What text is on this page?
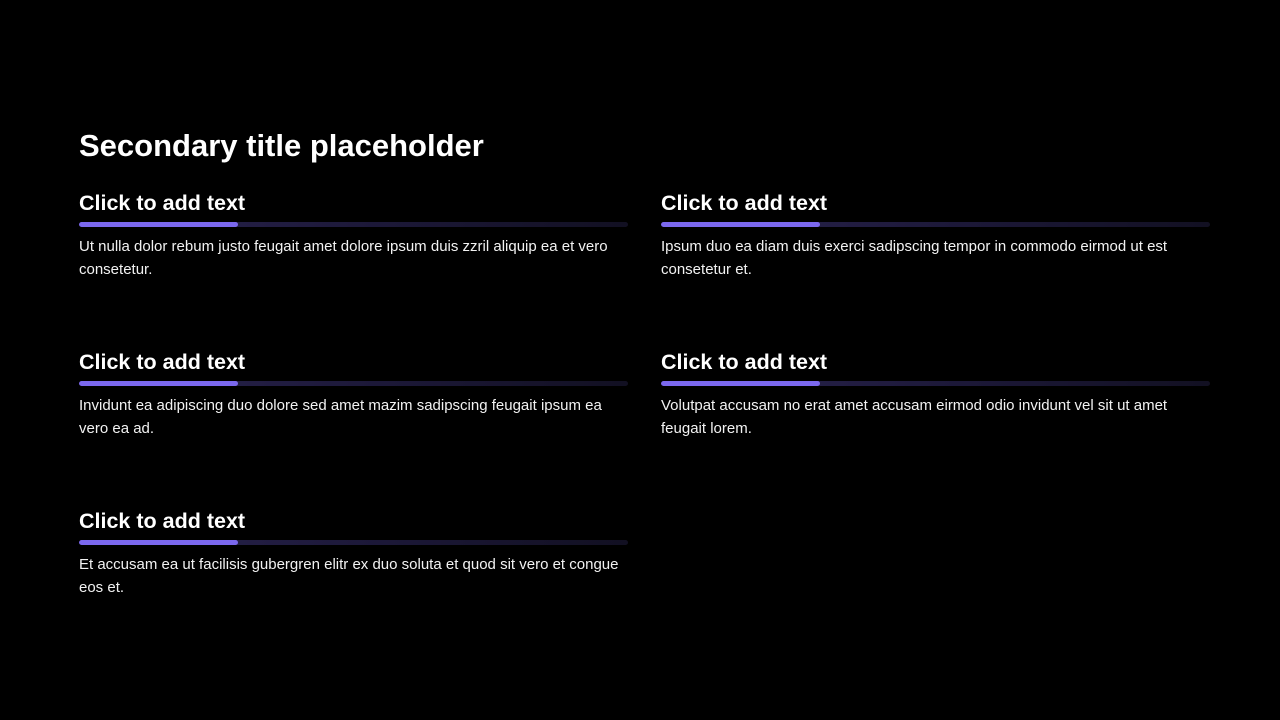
Secondary title placeholder
Click to add text

Ut nulla dolor rebum justo feugait amet dolore ipsum duis zzril aliquip ea et vero consetetur.

Click to add text

Ipsum duo ea diam duis exerci sadipscing tempor in commodo eirmod ut est consetetur et.

Click to add text

Invidunt ea adipiscing duo dolore sed amet mazim sadipscing feugait ipsum ea vero ea ad.

Click to add text

Volutpat accusam no erat amet accusam eirmod odio invidunt vel sit ut amet feugait lorem.

Click to add text

Et accusam ea ut facilisis gubergren elitr ex duo soluta et quod sit vero et congue eos et.
